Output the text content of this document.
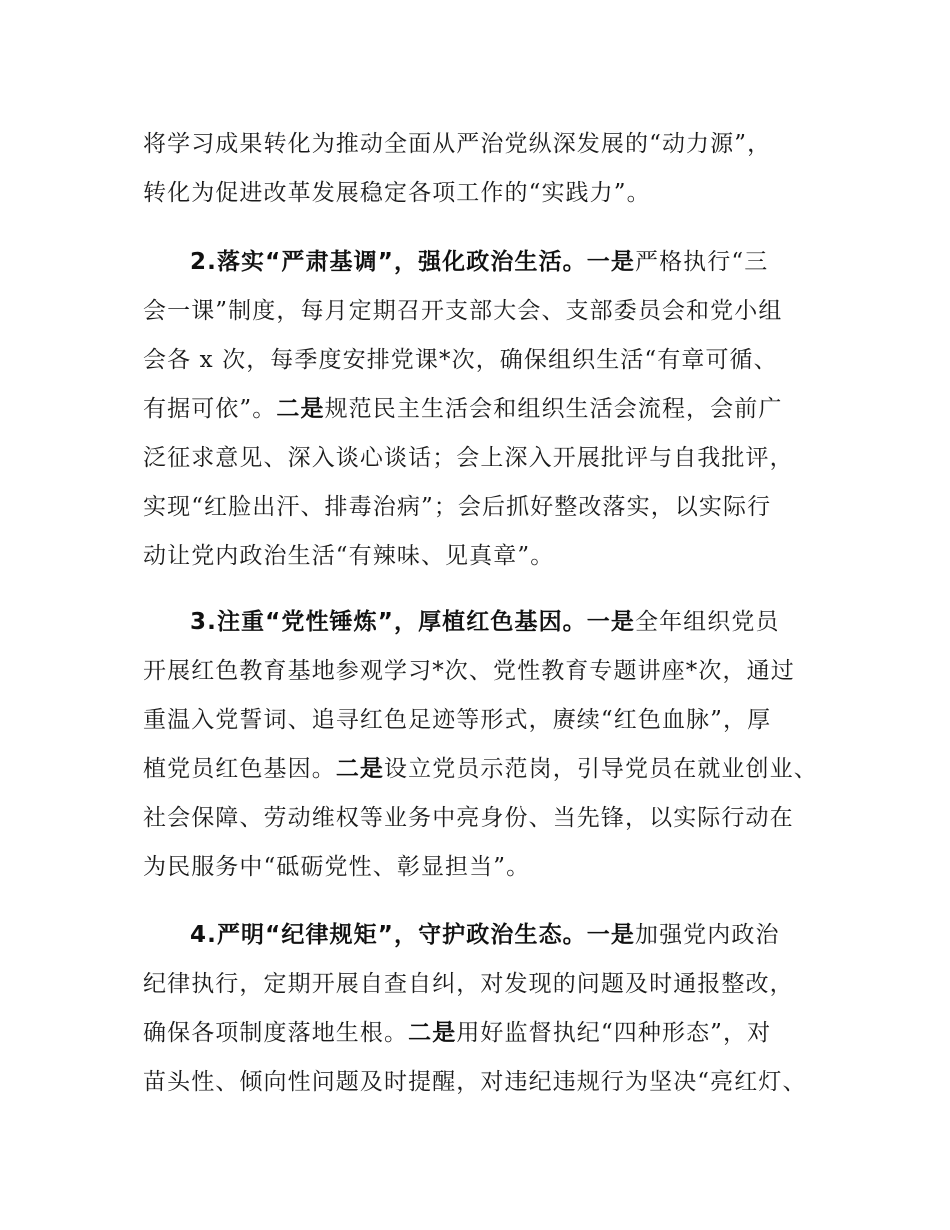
将学习成果转化为推动全面从严治党纵深发展的“动力源”，
转化为促进改革发展稳定各项工作的“实践力”。
2.落实“严肃基调”，强化政治生活。一是严格执行“三
会一课”制度，每月定期召开支部大会、支部委员会和党小组
会各 x 次，每季度安排党课*次，确保组织生活“有章可循、
有据可依”。二是规范民主生活会和组织生活会流程，会前广
泛征求意见、深入谈心谈话；会上深入开展批评与自我批评，
实现“红脸出汗、排毒治病”；会后抓好整改落实，以实际行
动让党内政治生活“有辣味、见真章”。
3.注重“党性锤炼”，厚植红色基因。一是全年组织党员
开展红色教育基地参观学习*次、党性教育专题讲座*次，通过
重温入党誓词、追寻红色足迹等形式，赓续“红色血脉”，厚
植党员红色基因。二是设立党员示范岗，引导党员在就业创业、
社会保障、劳动维权等业务中亮身份、当先锋，以实际行动在
为民服务中“砥砺党性、彰显担当”。
4.严明“纪律规矩”，守护政治生态。一是加强党内政治
纪律执行，定期开展自查自纠，对发现的问题及时通报整改，
确保各项制度落地生根。二是用好监督执纪“四种形态”，对
苗头性、倾向性问题及时提醒，对违纪违规行为坚决“亮红灯、
